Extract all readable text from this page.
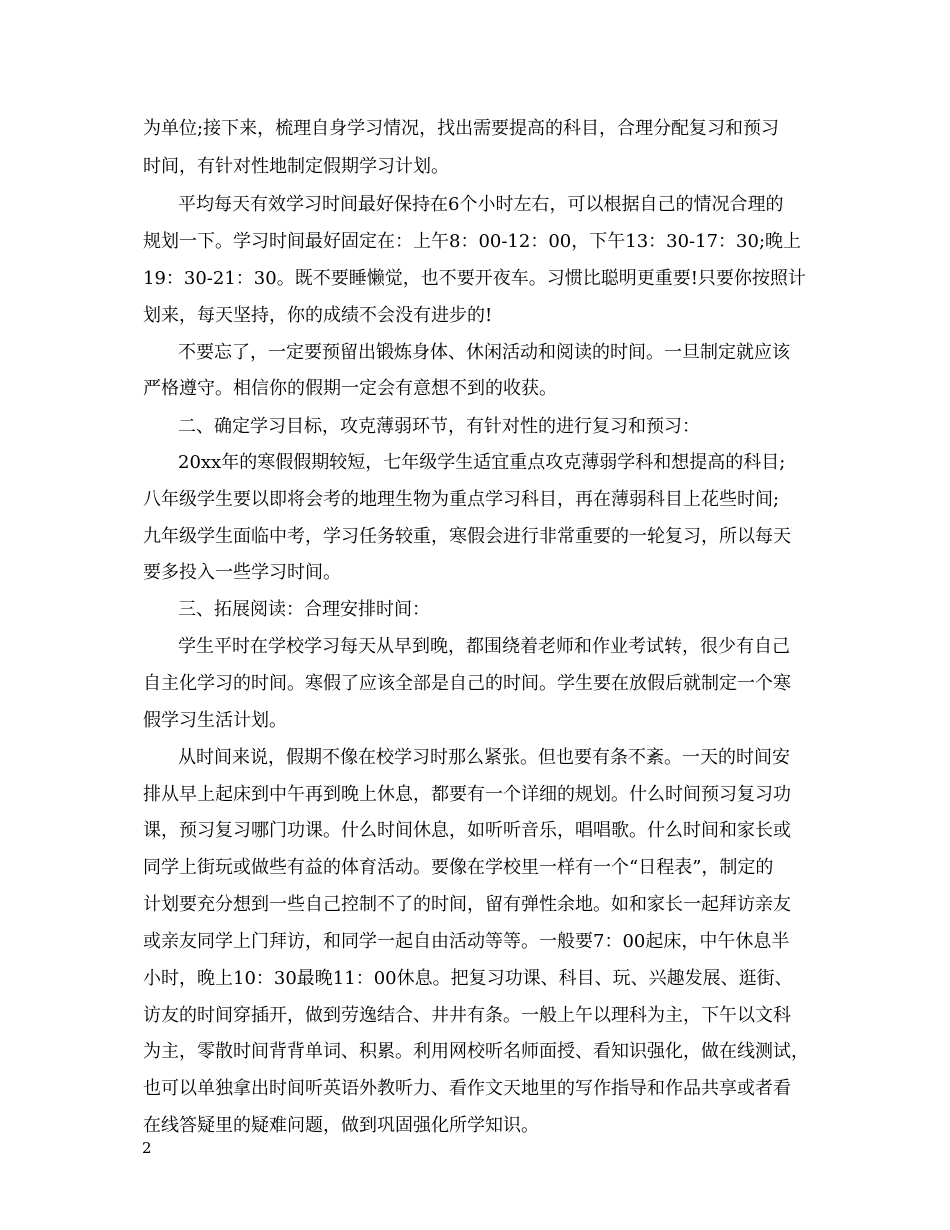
为单位;接下来，梳理自身学习情况，找出需要提高的科目，合理分配复习和预习
时间，有针对性地制定假期学习计划。
平均每天有效学习时间最好保持在6个小时左右，可以根据自己的情况合理的
规划一下。学习时间最好固定在：上午8：00-12：00，下午13：30-17：30;晚上
19：30-21：30。既不要睡懒觉，也不要开夜车。习惯比聪明更重要!只要你按照计
划来，每天坚持，你的成绩不会没有进步的!
不要忘了，一定要预留出锻炼身体、休闲活动和阅读的时间。一旦制定就应该
严格遵守。相信你的假期一定会有意想不到的收获。
二、确定学习目标，攻克薄弱环节，有针对性的进行复习和预习：
20xx年的寒假假期较短，七年级学生适宜重点攻克薄弱学科和想提高的科目;
八年级学生要以即将会考的地理生物为重点学习科目，再在薄弱科目上花些时间;
九年级学生面临中考，学习任务较重，寒假会进行非常重要的一轮复习，所以每天
要多投入一些学习时间。
三、拓展阅读：合理安排时间：
学生平时在学校学习每天从早到晚，都围绕着老师和作业考试转，很少有自己
自主化学习的时间。寒假了应该全部是自己的时间。学生要在放假后就制定一个寒
假学习生活计划。
从时间来说，假期不像在校学习时那么紧张。但也要有条不紊。一天的时间安
排从早上起床到中午再到晚上休息，都要有一个详细的规划。什么时间预习复习功
课，预习复习哪门功课。什么时间休息，如听听音乐，唱唱歌。什么时间和家长或
同学上街玩或做些有益的体育活动。要像在学校里一样有一个“日程表”，制定的
计划要充分想到一些自己控制不了的时间，留有弹性余地。如和家长一起拜访亲友
或亲友同学上门拜访，和同学一起自由活动等等。一般要7：00起床，中午休息半
小时，晚上10：30最晚11：00休息。把复习功课、科目、玩、兴趣发展、逛街、
访友的时间穿插开，做到劳逸结合、井井有条。一般上午以理科为主，下午以文科
为主，零散时间背背单词、积累。利用网校听名师面授、看知识强化，做在线测试，
也可以单独拿出时间听英语外教听力、看作文天地里的写作指导和作品共享或者看
在线答疑里的疑难问题，做到巩固强化所学知识。
2
